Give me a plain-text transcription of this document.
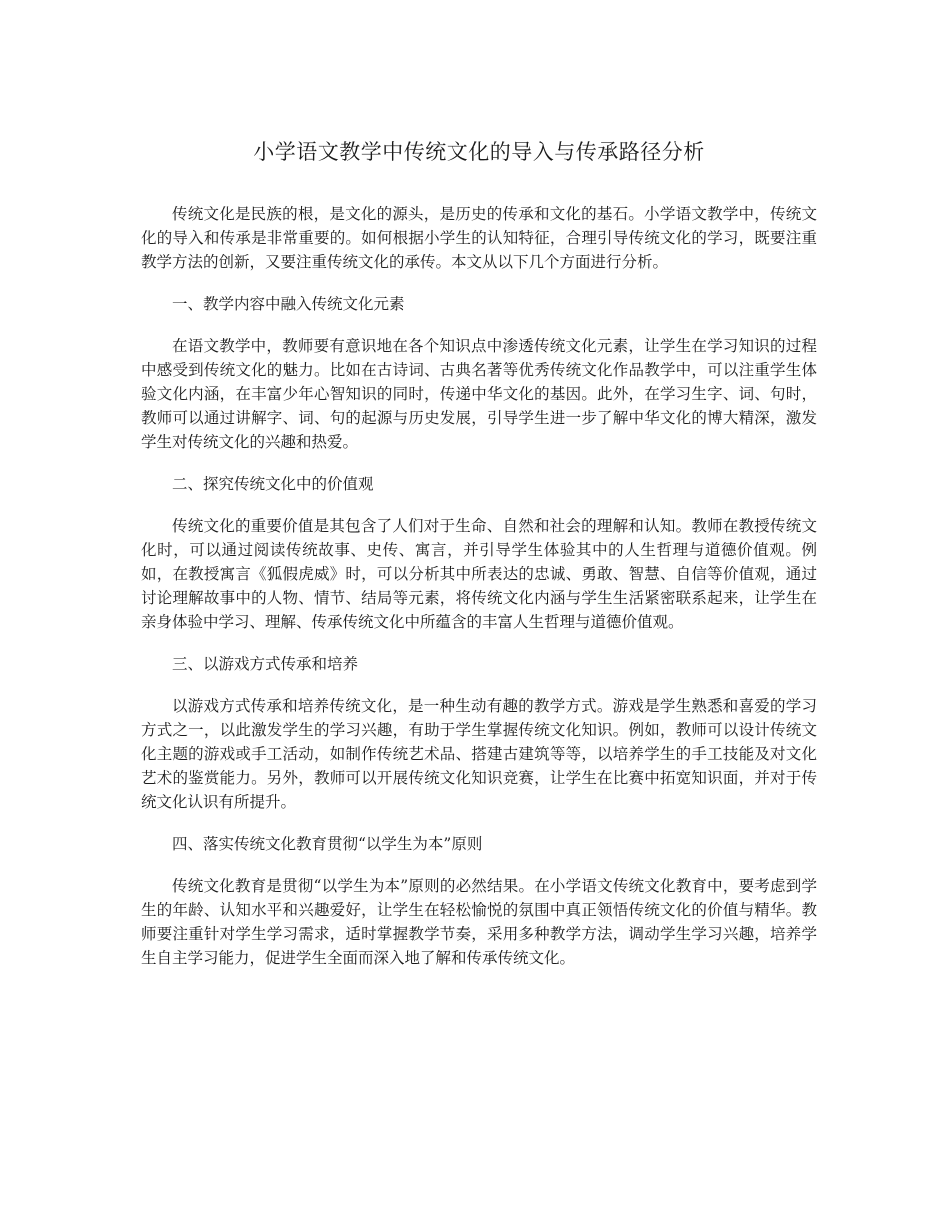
小学语文教学中传统文化的导入与传承路径分析

传统文化是民族的根，是文化的源头，是历史的传承和文化的基石。小学语文教学中，传统文化的导入和传承是非常重要的。如何根据小学生的认知特征，合理引导传统文化的学习，既要注重教学方法的创新，又要注重传统文化的承传。本文从以下几个方面进行分析。

一、教学内容中融入传统文化元素

在语文教学中，教师要有意识地在各个知识点中渗透传统文化元素，让学生在学习知识的过程中感受到传统文化的魅力。比如在古诗词、古典名著等优秀传统文化作品教学中，可以注重学生体验文化内涵，在丰富少年心智知识的同时，传递中华文化的基因。此外，在学习生字、词、句时，教师可以通过讲解字、词、句的起源与历史发展，引导学生进一步了解中华文化的博大精深，激发学生对传统文化的兴趣和热爱。

二、探究传统文化中的价值观

传统文化的重要价值是其包含了人们对于生命、自然和社会的理解和认知。教师在教授传统文化时，可以通过阅读传统故事、史传、寓言，并引导学生体验其中的人生哲理与道德价值观。例如，在教授寓言《狐假虎威》时，可以分析其中所表达的忠诚、勇敢、智慧、自信等价值观，通过讨论理解故事中的人物、情节、结局等元素，将传统文化内涵与学生生活紧密联系起来，让学生在亲身体验中学习、理解、传承传统文化中所蕴含的丰富人生哲理与道德价值观。

三、以游戏方式传承和培养

以游戏方式传承和培养传统文化，是一种生动有趣的教学方式。游戏是学生熟悉和喜爱的学习方式之一，以此激发学生的学习兴趣，有助于学生掌握传统文化知识。例如，教师可以设计传统文化主题的游戏或手工活动，如制作传统艺术品、搭建古建筑等等，以培养学生的手工技能及对文化艺术的鉴赏能力。另外，教师可以开展传统文化知识竞赛，让学生在比赛中拓宽知识面，并对于传统文化认识有所提升。

四、落实传统文化教育贯彻“以学生为本”原则

传统文化教育是贯彻“以学生为本”原则的必然结果。在小学语文传统文化教育中，要考虑到学生的年龄、认知水平和兴趣爱好，让学生在轻松愉悦的氛围中真正领悟传统文化的价值与精华。教师要注重针对学生学习需求，适时掌握教学节奏，采用多种教学方法，调动学生学习兴趣，培养学生自主学习能力，促进学生全面而深入地了解和传承传统文化。
